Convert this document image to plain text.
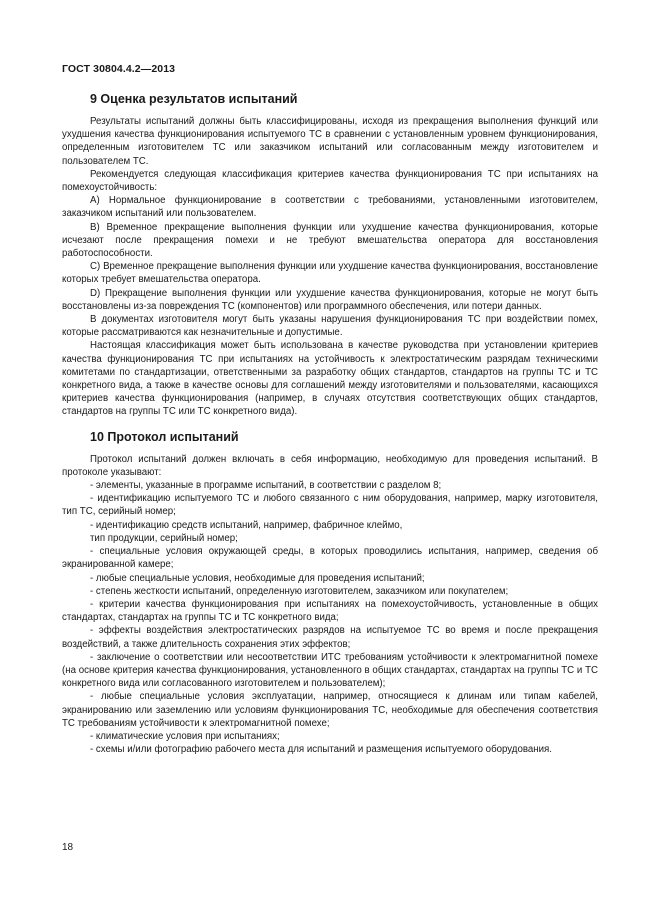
ГОСТ 30804.4.2—2013
9 Оценка результатов испытаний

Результаты испытаний должны быть классифицированы, исходя из прекращения выполнения функций или ухудшения качества функционирования испытуемого ТС в сравнении с установленным уровнем функционирования, определенным изготовителем ТС или заказчиком испытаний или согласованным между изготовителем и пользователем ТС.

Рекомендуется следующая классификация критериев качества функционирования ТС при испытаниях на помехоустойчивость:

А) Нормальное функционирование в соответствии с требованиями, установленными изготовителем, заказчиком испытаний или пользователем.

В) Временное прекращение выполнения функции или ухудшение качества функционирования, которые исчезают после прекращения помехи и не требуют вмешательства оператора для восстановления работоспособности.

С) Временное прекращение выполнения функции или ухудшение качества функционирования, восстановление которых требует вмешательства оператора.

D) Прекращение выполнения функции или ухудшение качества функционирования, которые не могут быть восстановлены из-за повреждения ТС (компонентов) или программного обеспечения, или потери данных.

В документах изготовителя могут быть указаны нарушения функционирования ТС при воздействии помех, которые рассматриваются как незначительные и допустимые.

Настоящая классификация может быть использована в качестве руководства при установлении критериев качества функционирования ТС при испытаниях на устойчивость к электростатическим разрядам техническими комитетами по стандартизации, ответственными за разработку общих стандартов, стандартов на группы ТС и ТС конкретного вида, а также в качестве основы для соглашений между изготовителями и пользователями, касающихся критериев качества функционирования (например, в случаях отсутствия соответствующих общих стандартов, стандартов на группы ТС или ТС конкретного вида).

10 Протокол испытаний

Протокол испытаний должен включать в себя информацию, необходимую для проведения испытаний. В протоколе указывают:

- элементы, указанные в программе испытаний, в соответствии с разделом 8;

- идентификацию испытуемого ТС и любого связанного с ним оборудования, например, марку изготовителя, тип ТС, серийный номер;

- идентификацию средств испытаний, например, фабричное клеймо,

тип продукции, серийный номер;

- специальные условия окружающей среды, в которых проводились испытания, например, сведения об экранированной камере;

- любые специальные условия, необходимые для проведения испытаний;

- степень жесткости испытаний, определенную изготовителем, заказчиком или покупателем;

- критерии качества функционирования при испытаниях на помехоустойчивость, установленные в общих стандартах, стандартах на группы ТС и ТС конкретного вида;

- эффекты воздействия электростатических разрядов на испытуемое ТС во время и после прекращения воздействий, а также длительность сохранения этих эффектов;

- заключение о соответствии или несоответствии ИТС требованиям устойчивости к электромагнитной помехе (на основе критерия качества функционирования, установленного в общих стандартах, стандартах на группы ТС и ТС конкретного вида или согласованного изготовителем и пользователем);

- любые специальные условия эксплуатации, например, относящиеся к длинам или типам кабелей, экранированию или заземлению или условиям функционирования ТС, необходимые для обеспечения соответствия ТС требованиям устойчивости к электромагнитной помехе;

- климатические условия при испытаниях;

- схемы и/или фотографию рабочего места для испытаний и размещения испытуемого оборудования.

18
